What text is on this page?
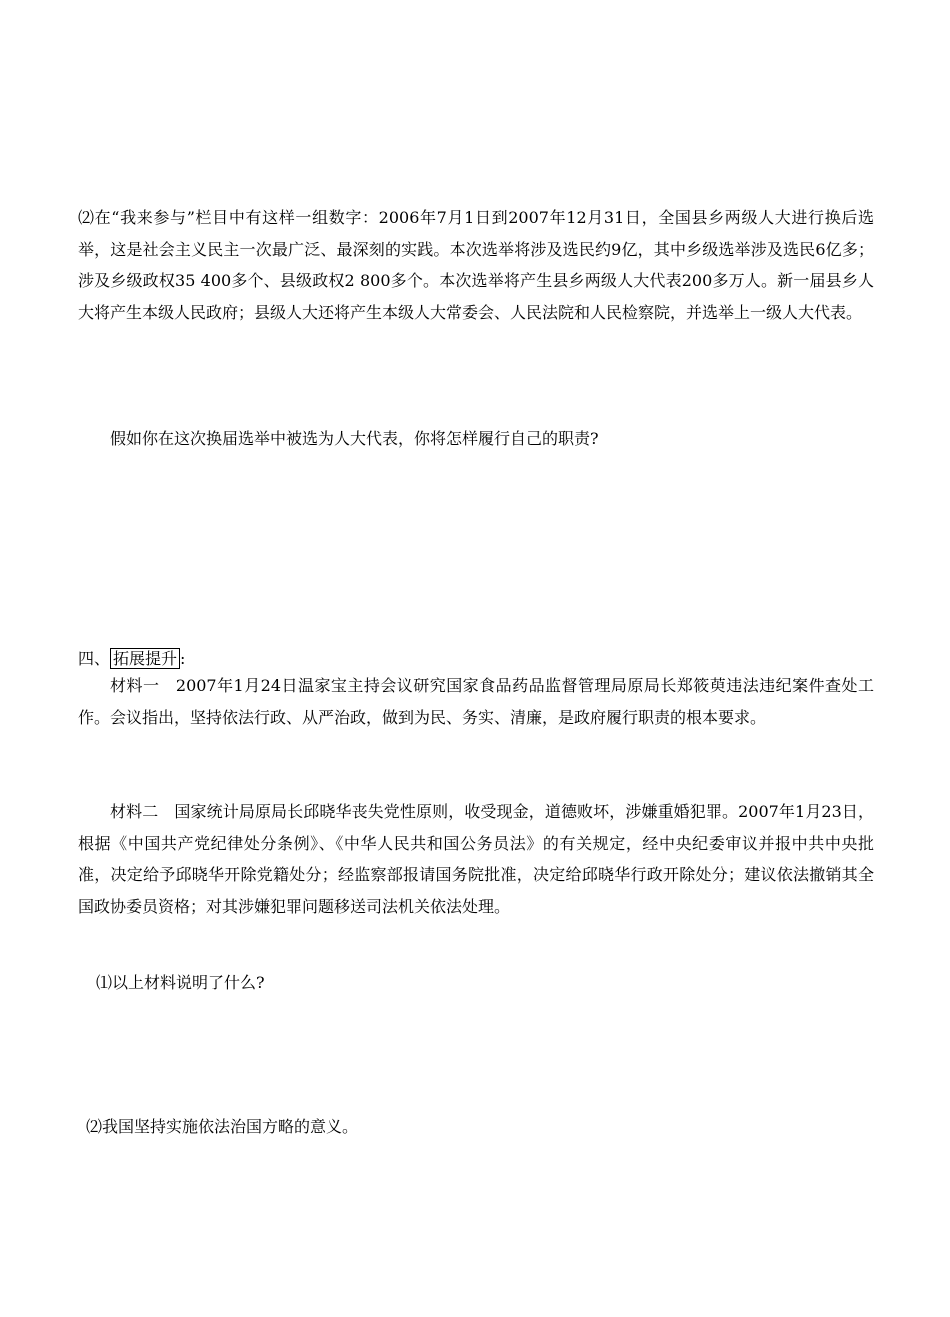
⑵在“我来参与”栏目中有这样一组数字：2006年7月1日到2007年12月31日，全国县乡两级人大进行换后选举，这是社会主义民主一次最广泛、最深刻的实践。本次选举将涉及选民约9亿，其中乡级选举涉及选民6亿多；涉及乡级政权35 400多个、县级政权2 800多个。本次选举将产生县乡两级人大代表200多万人。新一届县乡人大将产生本级人民政府；县级人大还将产生本级人大常委会、人民法院和人民检察院，并选举上一级人大代表。

假如你在这次换届选举中被选为人大代表，你将怎样履行自己的职责?

四、 拓展提升 :

材料一　2007年1月24日温家宝主持会议研究国家食品药品监督管理局原局长郑筱萸违法违纪案件查处工作。会议指出，坚持依法行政、从严治政，做到为民、务实、清廉，是政府履行职责的根本要求。

材料二　国家统计局原局长邱晓华丧失党性原则，收受现金，道德败坏，涉嫌重婚犯罪。2007年1月23日，根据《中国共产党纪律处分条例》、《中华人民共和国公务员法》的有关规定，经中央纪委审议并报中共中央批准，决定给予邱晓华开除党籍处分；经监察部报请国务院批准，决定给邱晓华行政开除处分；建议依法撤销其全国政协委员资格；对其涉嫌犯罪问题移送司法机关依法处理。

⑴以上材料说明了什么?

⑵我国坚持实施依法治国方略的意义。
